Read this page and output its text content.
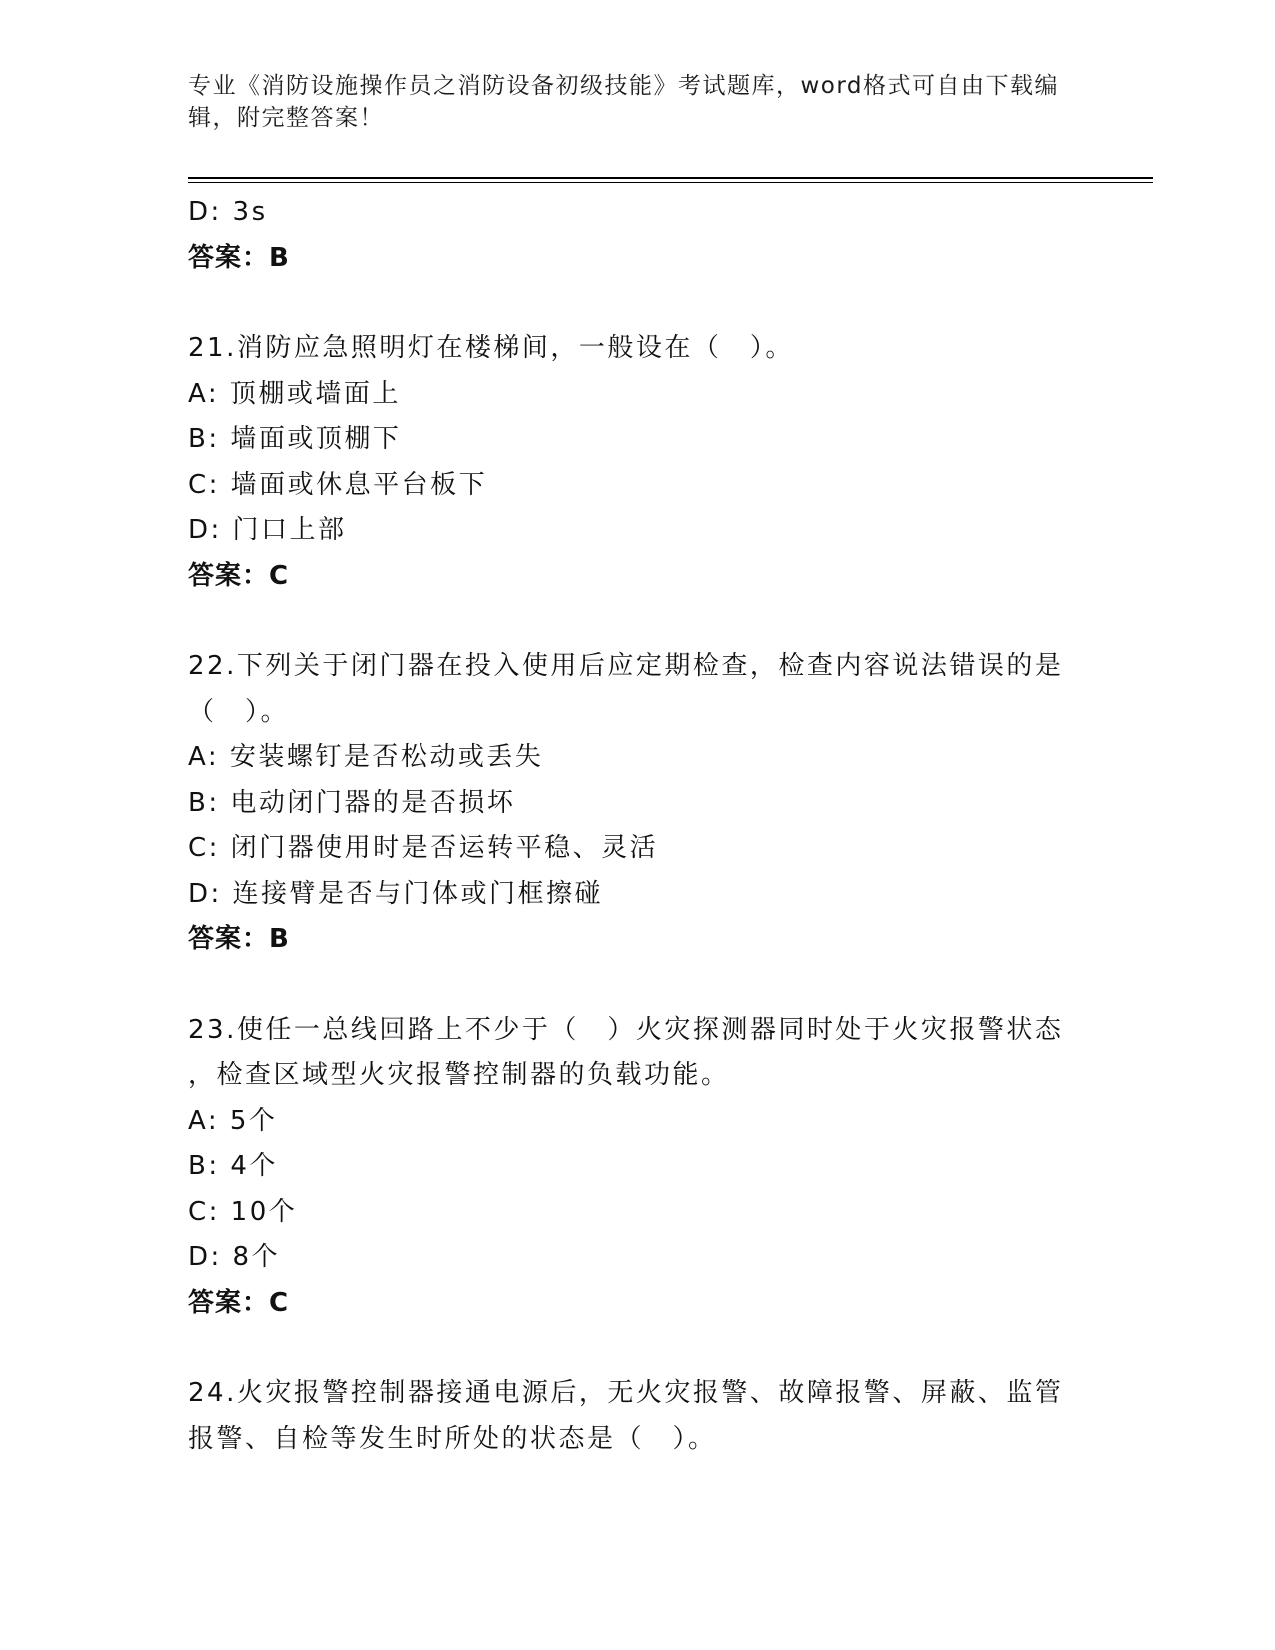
专业《消防设施操作员之消防设备初级技能》考试题库，word格式可自由下载编
辑，附完整答案！
D: 3s
答案：B
21.消防应急照明灯在楼梯间，一般设在（　）。
A: 顶棚或墙面上
B: 墙面或顶棚下
C: 墙面或休息平台板下
D: 门口上部
答案：C
22.下列关于闭门器在投入使用后应定期检查，检查内容说法错误的是
（　）。
A: 安装螺钉是否松动或丢失
B: 电动闭门器的是否损坏
C: 闭门器使用时是否运转平稳、灵活
D: 连接臂是否与门体或门框擦碰
答案：B
23.使任一总线回路上不少于（　）火灾探测器同时处于火灾报警状态
，检查区域型火灾报警控制器的负载功能。
A: 5个
B: 4个
C: 10个
D: 8个
答案：C
24.火灾报警控制器接通电源后，无火灾报警、故障报警、屏蔽、监管
报警、自检等发生时所处的状态是（　）。
